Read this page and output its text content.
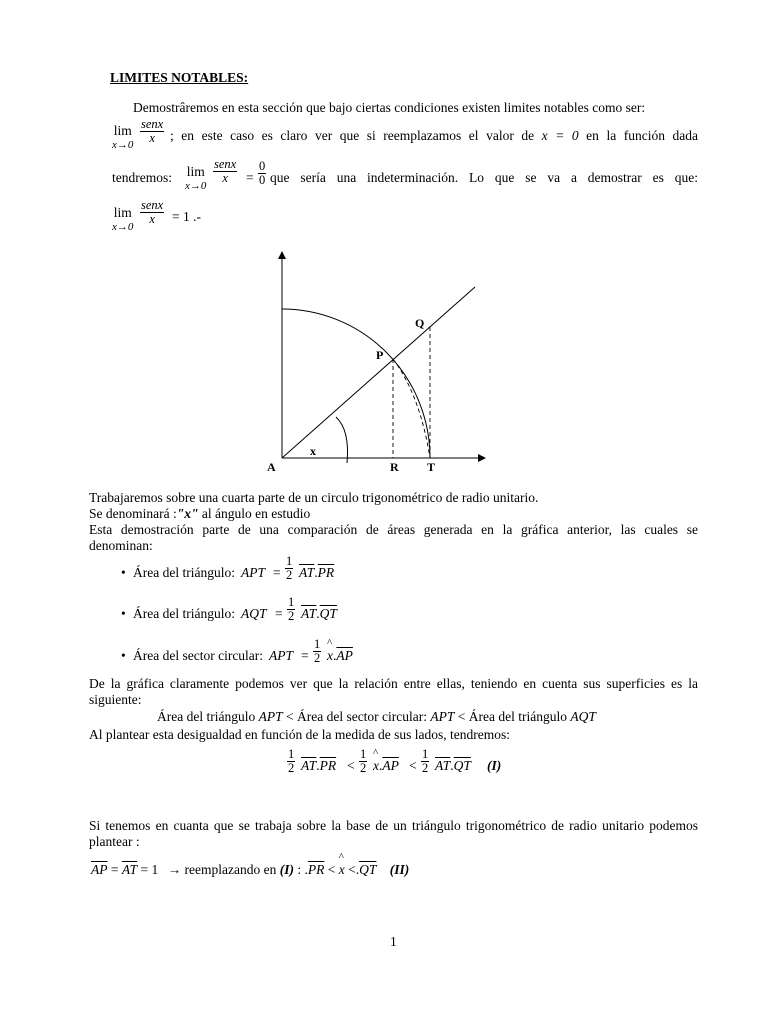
LIMITES NOTABLES:
Demostrâremos en esta sección que bajo ciertas condiciones existen limites notables como ser:
lim
x→0
senx
x	; en este caso es claro ver que si reemplazamos el valor de x = 0 en la función dada
tendremos: lim
x→0
senx
x	= $\frac{0}{0}$ que sería una indeterminación. Lo que se va a demostrar es que:
lim
x→0
senx
x	= 1 .-
A
x
R T
P
Q
Trabajaremos sobre una cuarta parte de un circulo trigonométrico de radio unitario.
Se denominará :"x" al ángulo en estudio
Esta demostración parte de una comparación de áreas generada en la gráfica anterior, las cuales se
denominan:
• Área del triángulo: APT = $\frac{1}{2} \overline{AT}.\overline{PR}$
• Área del triángulo: AQT = $\frac{1}{2} \overline{AT}.\overline{QT}$
• Área del sector circular: APT = $\frac{1}{2}$ ^ $x.\overline{AP}$
De la gráfica claramente podemos ver que la relación entre ellas, teniendo en cuenta sus superficies es la
siguiente:
Área del triángulo APT < Área del sector circular: APT < Área del triángulo AQT
Al plantear esta desigualdad en función de la medida de sus lados, tendremos:
$\frac{1}{2} \overline{AT}.\overline{PR} < \frac{1}{2}$ ^ $x.\overline{AP} < \frac{1}{2} \overline{AT}.\overline{QT}$ (I)
Si tenemos en cuanta que se trabaja sobre la base de un triángulo trigonométrico de radio unitario podemos
plantear :
$\overline{AP} = \overline{AT} = 1$ → reemplazando en (I) : $.\overline{PR}$ < ^ $x <.\overline{QT}$ (II)
1
